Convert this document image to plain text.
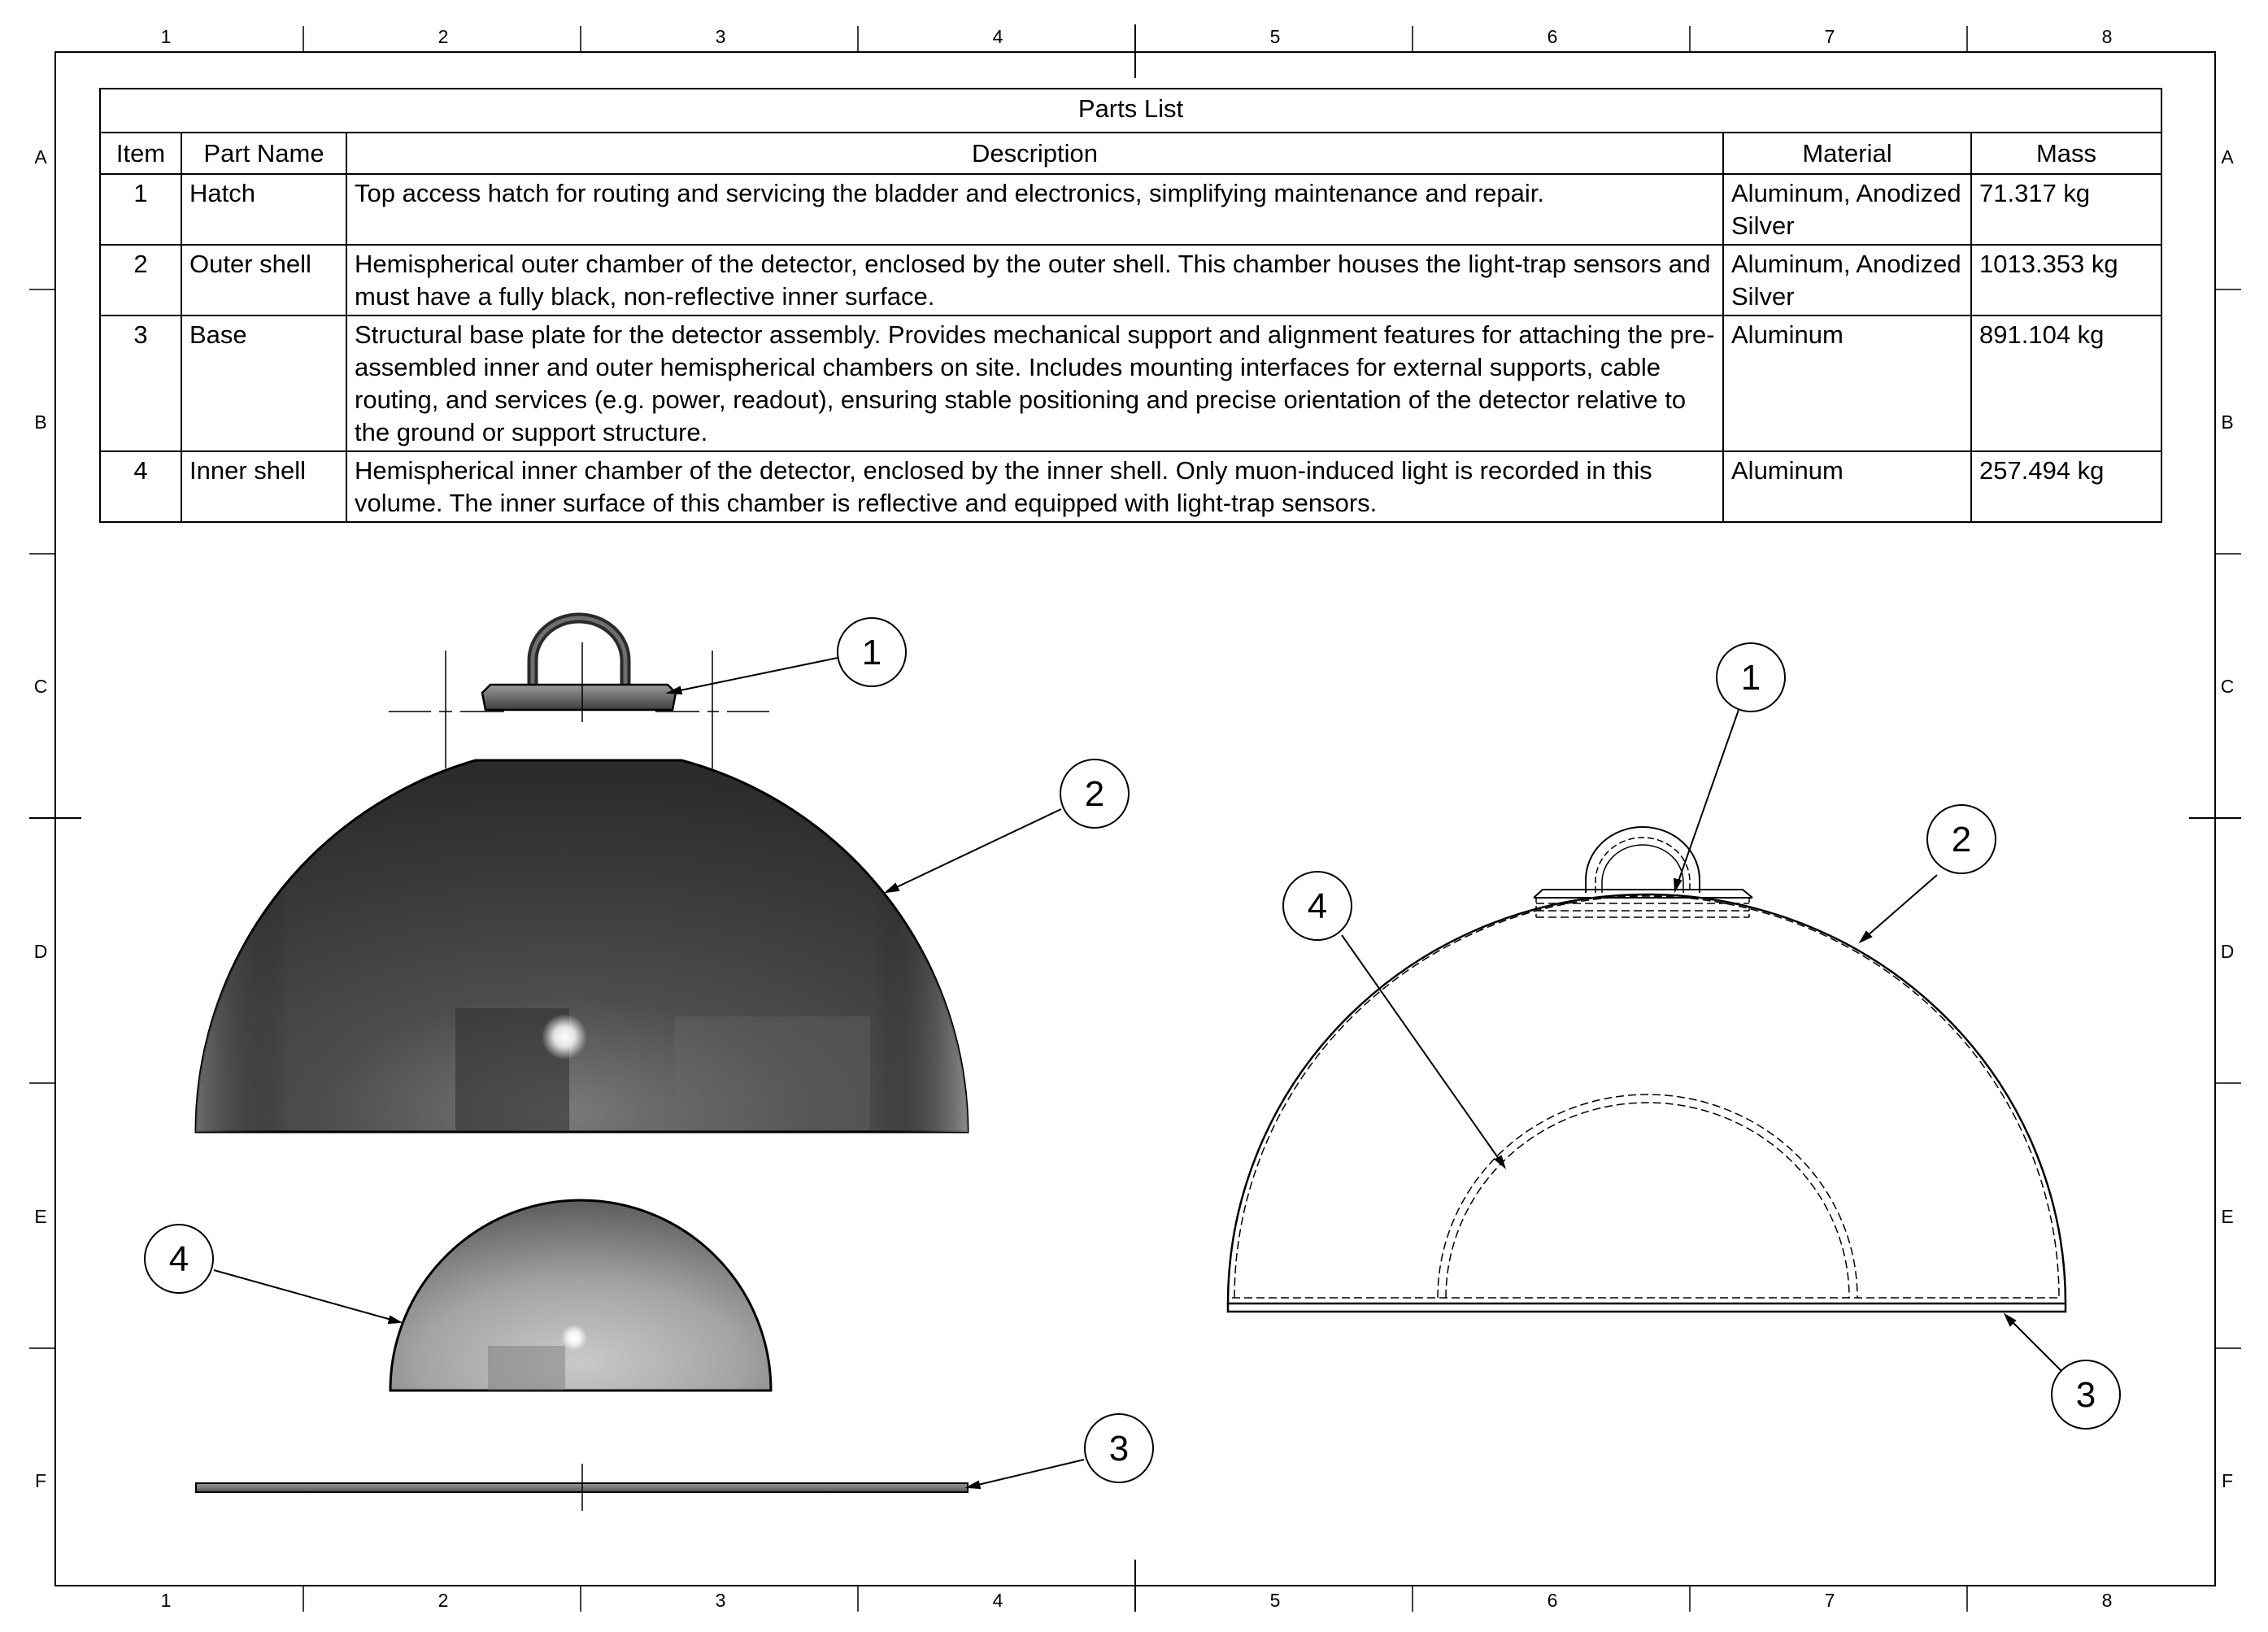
1
2
4
3
1
2
4
3
1	2	3	4	5	6	7	8
1	2	3	4	5	6	7	8
A
B
C
D
E
F
A
B
C
D
E
F
Parts List				
Item	Part Name	Description	Material	Mass
1	Hatch	Top access hatch for routing and servicing the bladder and electronics, simplifying maintenance and repair.	Aluminum, Anodized Silver	71.317 kg
2	Outer shell	Hemispherical outer chamber of the detector, enclosed by the outer shell. This chamber houses the light-trap sensors and must have a fully black, non-reflective inner surface.	Aluminum, Anodized Silver	1013.353 kg
3	Base	Structural base plate for the detector assembly. Provides mechanical support and alignment features for attaching the pre-assembled inner and outer hemispherical chambers on site. Includes mounting interfaces for external supports, cable routing, and services (e.g. power, readout), ensuring stable positioning and precise orientation of the detector relative to the ground or support structure.	Aluminum	891.104 kg
4	Inner shell	Hemispherical inner chamber of the detector, enclosed by the inner shell. Only muon-induced light is recorded in this volume. The inner surface of this chamber is reflective and equipped with light-trap sensors.	Aluminum	257.494 kg
